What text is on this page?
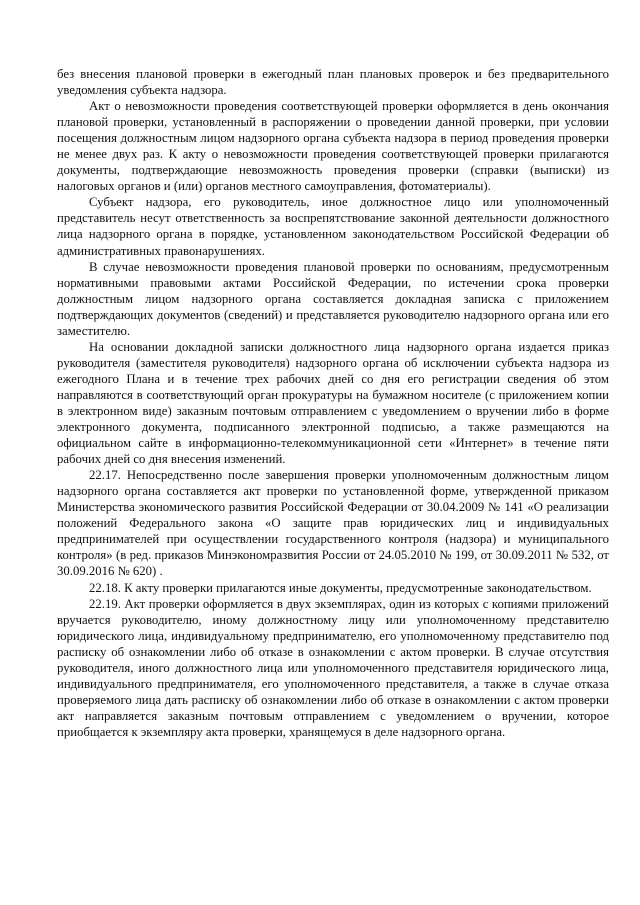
без внесения плановой проверки в ежегодный план плановых проверок и без предварительного уведомления субъекта надзора.

Акт о невозможности проведения соответствующей проверки оформляется в день окончания плановой проверки, установленный в распоряжении о проведении данной проверки, при условии посещения должностным лицом надзорного органа субъекта надзора в период проведения проверки не менее двух раз. К акту о невозможности проведения соответствующей проверки прилагаются документы, подтверждающие невозможность проведения проверки (справки (выписки) из налоговых органов и (или) органов местного самоуправления, фотоматериалы).

Субъект надзора, его руководитель, иное должностное лицо или уполномоченный представитель несут ответственность за воспрепятствование законной деятельности должностного лица надзорного органа в порядке, установленном законодательством Российской Федерации об административных правонарушениях.

В случае невозможности проведения плановой проверки по основаниям, предусмотренным нормативными правовыми актами Российской Федерации, по истечении срока проверки должностным лицом надзорного органа составляется докладная записка с приложением подтверждающих документов (сведений) и представляется руководителю надзорного органа или его заместителю.

На основании докладной записки должностного лица надзорного органа издается приказ руководителя (заместителя руководителя) надзорного органа об исключении субъекта надзора из ежегодного Плана и в течение трех рабочих дней со дня его регистрации сведения об этом направляются в соответствующий орган прокуратуры на бумажном носителе (с приложением копии в электронном виде) заказным почтовым отправлением с уведомлением о вручении либо в форме электронного документа, подписанного электронной подписью, а также размещаются на официальном сайте в информационно-телекоммуникационной сети «Интернет» в течение пяти рабочих дней со дня внесения изменений.

22.17. Непосредственно после завершения проверки уполномоченным должностным лицом надзорного органа составляется акт проверки по установленной форме, утвержденной приказом Министерства экономического развития Российской Федерации от 30.04.2009 № 141 «О реализации положений Федерального закона «О защите прав юридических лиц и индивидуальных предпринимателей при осуществлении государственного контроля (надзора) и муниципального контроля» (в ред. приказов Минэкономразвития России от 24.05.2010 № 199, от 30.09.2011 № 532, от 30.09.2016 № 620) .

22.18. К акту проверки прилагаются иные документы, предусмотренные законодательством.

22.19. Акт проверки оформляется в двух экземплярах, один из которых с копиями приложений вручается руководителю, иному должностному лицу или уполномоченному представителю юридического лица, индивидуальному предпринимателю, его уполномоченному представителю под расписку об ознакомлении либо об отказе в ознакомлении с актом проверки. В случае отсутствия руководителя, иного должностного лица или уполномоченного представителя юридического лица, индивидуального предпринимателя, его уполномоченного представителя, а также в случае отказа проверяемого лица дать расписку об ознакомлении либо об отказе в ознакомлении с актом проверки акт направляется заказным почтовым отправлением с уведомлением о вручении, которое приобщается к экземпляру акта проверки, хранящемуся в деле надзорного органа.
